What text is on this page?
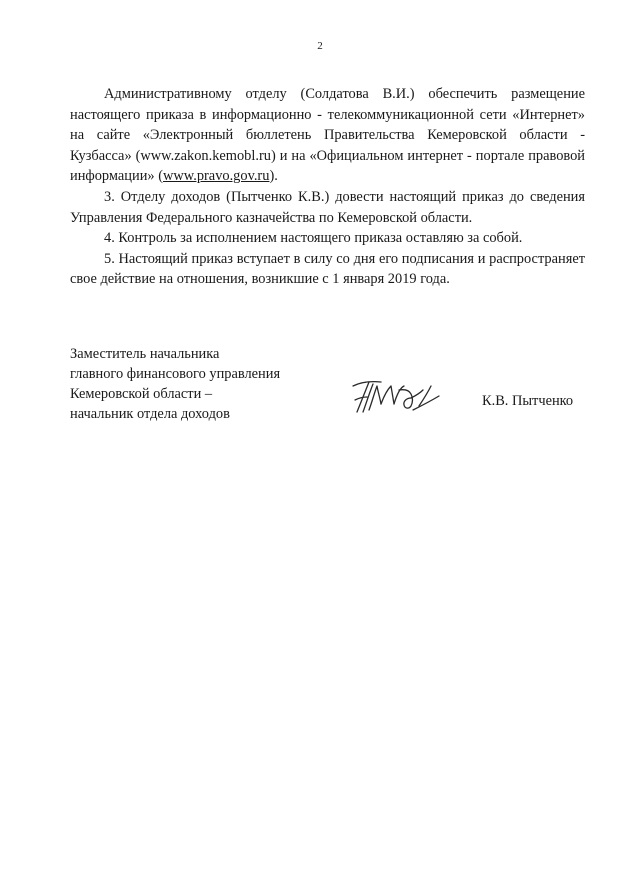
2

Административному отделу (Солдатова В.И.) обеспечить размещение настоящего приказа в информационно - телекоммуникационной сети «Интернет» на сайте «Электронный бюллетень Правительства Кемеровской области - Кузбасса» (www.zakon.kemobl.ru) и на «Официальном интернет - портале правовой информации» (www.pravo.gov.ru).

3. Отделу доходов (Пытченко К.В.) довести настоящий приказ до сведения Управления Федерального казначейства по Кемеровской области.

4. Контроль за исполнением настоящего приказа оставляю за собой.

5. Настоящий приказ вступает в силу со дня его подписания и распространяет свое действие на отношения, возникшие с 1 января 2019 года.

Заместитель начальника
главного финансового управления
Кемеровской области –
начальник отдела доходов
К.В. Пытченко
